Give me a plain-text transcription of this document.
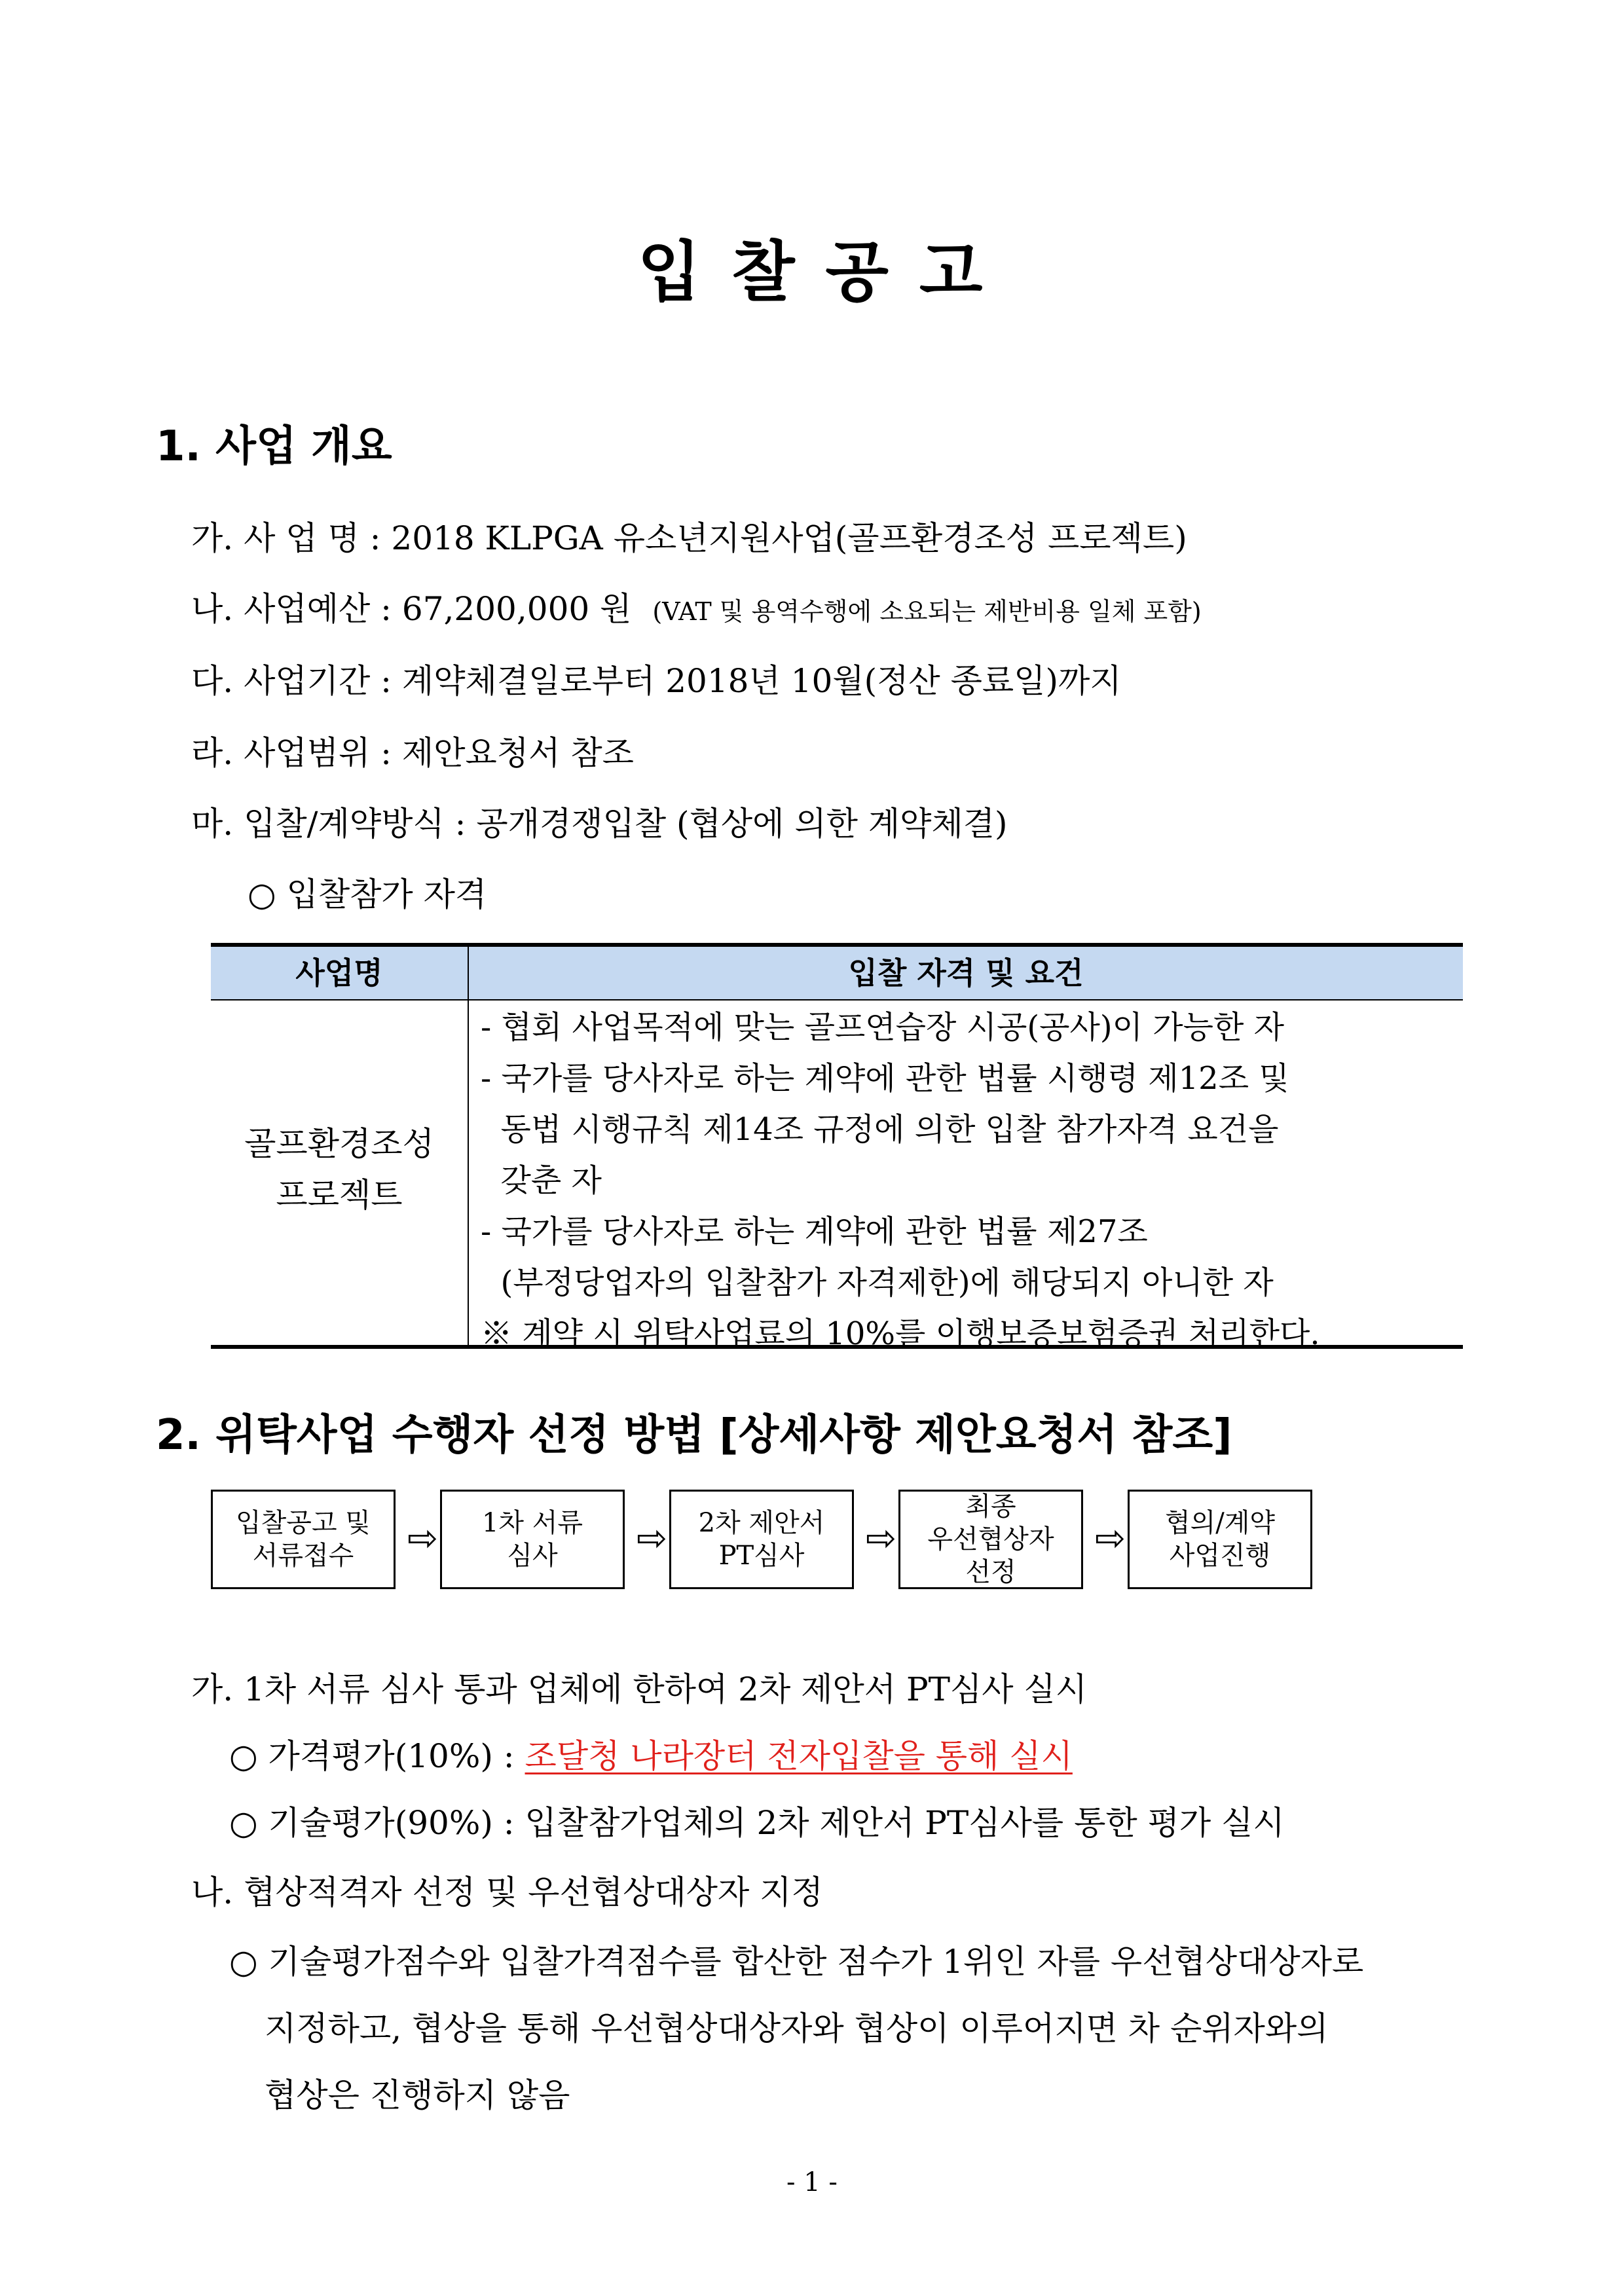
입 찰 공 고
1. 사업 개요
가. 사 업 명 : 2018 KLPGA 유소년지원사업(골프환경조성 프로젝트)
나. 사업예산 : 67,200,000 원 (VAT 및 용역수행에 소요되는 제반비용 일체 포함)
다. 사업기간 : 계약체결일로부터 2018년 10월(정산 종료일)까지
라. 사업범위 : 제안요청서 참조
마. 입찰/계약방식 : 공개경쟁입찰 (협상에 의한 계약체결)
○ 입찰참가 자격
사업명	입찰 자격 및 요건
골프환경조성
프로젝트
- 협회 사업목적에 맞는 골프연습장 시공(공사)이 가능한 자
- 국가를 당사자로 하는 계약에 관한 법률 시행령 제12조 및
동법 시행규칙 제14조 규정에 의한 입찰 참가자격 요건을
갖춘 자
- 국가를 당사자로 하는 계약에 관한 법률 제27조
(부정당업자의 입찰참가 자격제한)에 해당되지 아니한 자
※ 계약 시 위탁사업료의 10%를 이행보증보험증권 처리한다.
2. 위탁사업 수행자 선정 방법 [상세사항 제안요청서 참조]
입찰공고 및
서류접수 ⇨ 1차 서류
심사 ⇨ 2차 제안서
PT심사 ⇨
최종
우선협상자
선정
⇨ 협의/계약
사업진행
가. 1차 서류 심사 통과 업체에 한하여 2차 제안서 PT심사 실시
○ 가격평가(10%) : 조달청 나라장터 전자입찰을 통해 실시
○ 기술평가(90%) : 입찰참가업체의 2차 제안서 PT심사를 통한 평가 실시
나. 협상적격자 선정 및 우선협상대상자 지정
○ 기술평가점수와 입찰가격점수를 합산한 점수가 1위인 자를 우선협상대상자로
지정하고, 협상을 통해 우선협상대상자와 협상이 이루어지면 차 순위자와의
협상은 진행하지 않음
- 1 -
